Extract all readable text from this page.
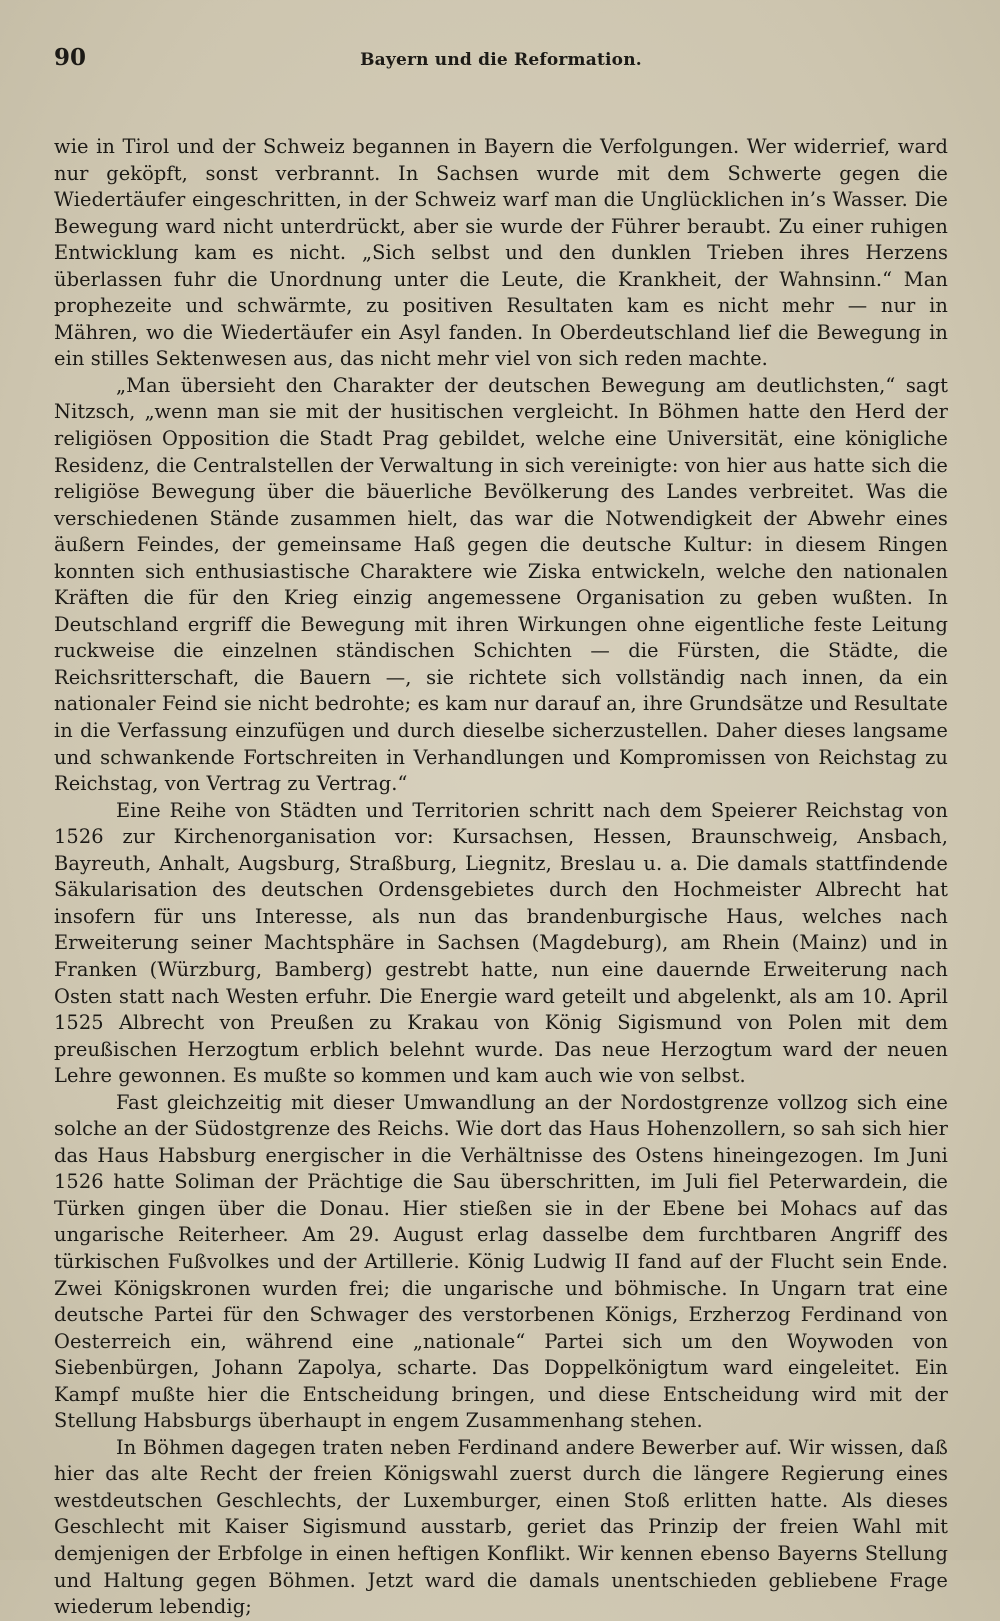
90	Bayern und die Reformation.

wie in Tirol und der Schweiz begannen in Bayern die Verfolgungen. Wer widerrief, ward nur geköpft, sonst verbrannt. In Sachsen wurde mit dem Schwerte gegen die Wiedertäufer eingeschritten, in der Schweiz warf man die Unglücklichen in’s Wasser. Die Bewegung ward nicht unterdrückt, aber sie wurde der Führer beraubt. Zu einer ruhigen Entwicklung kam es nicht. „Sich selbst und den dunklen Trieben ihres Herzens überlassen fuhr die Unordnung unter die Leute, die Krankheit, der Wahnsinn.“ Man prophezeite und schwärmte, zu positiven Resultaten kam es nicht mehr — nur in Mähren, wo die Wiedertäufer ein Asyl fanden. In Oberdeutschland lief die Bewegung in ein stilles Sektenwesen aus, das nicht mehr viel von sich reden machte.

„Man übersieht den Charakter der deutschen Bewegung am deutlichsten,“ sagt Nitzsch, „wenn man sie mit der husitischen vergleicht. In Böhmen hatte den Herd der religiösen Opposition die Stadt Prag gebildet, welche eine Universität, eine königliche Residenz, die Centralstellen der Verwaltung in sich vereinigte: von hier aus hatte sich die religiöse Bewegung über die bäuerliche Bevölkerung des Landes verbreitet. Was die verschiedenen Stände zusammen hielt, das war die Notwendigkeit der Abwehr eines äußern Feindes, der gemeinsame Haß gegen die deutsche Kultur: in diesem Ringen konnten sich enthusiastische Charaktere wie Ziska entwickeln, welche den nationalen Kräften die für den Krieg einzig angemessene Organisation zu geben wußten. In Deutschland ergriff die Bewegung mit ihren Wirkungen ohne eigentliche feste Leitung ruckweise die einzelnen ständischen Schichten — die Fürsten, die Städte, die Reichsritterschaft, die Bauern —, sie richtete sich vollständig nach innen, da ein nationaler Feind sie nicht bedrohte; es kam nur darauf an, ihre Grundsätze und Resultate in die Verfassung einzufügen und durch dieselbe sicherzustellen. Daher dieses langsame und schwankende Fortschreiten in Verhandlungen und Kompromissen von Reichstag zu Reichstag, von Vertrag zu Vertrag.“

Eine Reihe von Städten und Territorien schritt nach dem Speierer Reichstag von 1526 zur Kirchenorganisation vor: Kursachsen, Hessen, Braunschweig, Ansbach, Bayreuth, Anhalt, Augsburg, Straßburg, Liegnitz, Breslau u. a. Die damals stattfindende Säkularisation des deutschen Ordensgebietes durch den Hochmeister Albrecht hat insofern für uns Interesse, als nun das brandenburgische Haus, welches nach Erweiterung seiner Machtsphäre in Sachsen (Magdeburg), am Rhein (Mainz) und in Franken (Würzburg, Bamberg) gestrebt hatte, nun eine dauernde Erweiterung nach Osten statt nach Westen erfuhr. Die Energie ward geteilt und abgelenkt, als am 10. April 1525 Albrecht von Preußen zu Krakau von König Sigismund von Polen mit dem preußischen Herzogtum erblich belehnt wurde. Das neue Herzogtum ward der neuen Lehre gewonnen. Es mußte so kommen und kam auch wie von selbst.

Fast gleichzeitig mit dieser Umwandlung an der Nordostgrenze vollzog sich eine solche an der Südostgrenze des Reichs. Wie dort das Haus Hohenzollern, so sah sich hier das Haus Habsburg energischer in die Verhältnisse des Ostens hineingezogen. Im Juni 1526 hatte Soliman der Prächtige die Sau überschritten, im Juli fiel Peterwardein, die Türken gingen über die Donau. Hier stießen sie in der Ebene bei Mohacs auf das ungarische Reiterheer. Am 29. August erlag dasselbe dem furchtbaren Angriff des türkischen Fußvolkes und der Artillerie. König Ludwig II fand auf der Flucht sein Ende. Zwei Königskronen wurden frei; die ungarische und böhmische. In Ungarn trat eine deutsche Partei für den Schwager des verstorbenen Königs, Erzherzog Ferdinand von Oesterreich ein, während eine „nationale“ Partei sich um den Woywoden von Siebenbürgen, Johann Zapolya, scharte. Das Doppelkönigtum ward eingeleitet. Ein Kampf mußte hier die Entscheidung bringen, und diese Entscheidung wird mit der Stellung Habsburgs überhaupt in engem Zusammenhang stehen.

In Böhmen dagegen traten neben Ferdinand andere Bewerber auf. Wir wissen, daß hier das alte Recht der freien Königswahl zuerst durch die längere Regierung eines westdeutschen Geschlechts, der Luxemburger, einen Stoß erlitten hatte. Als dieses Geschlecht mit Kaiser Sigismund ausstarb, geriet das Prinzip der freien Wahl mit demjenigen der Erbfolge in einen heftigen Konflikt. Wir kennen ebenso Bayerns Stellung und Haltung gegen Böhmen. Jetzt ward die damals unentschieden gebliebene Frage wiederum lebendig;
